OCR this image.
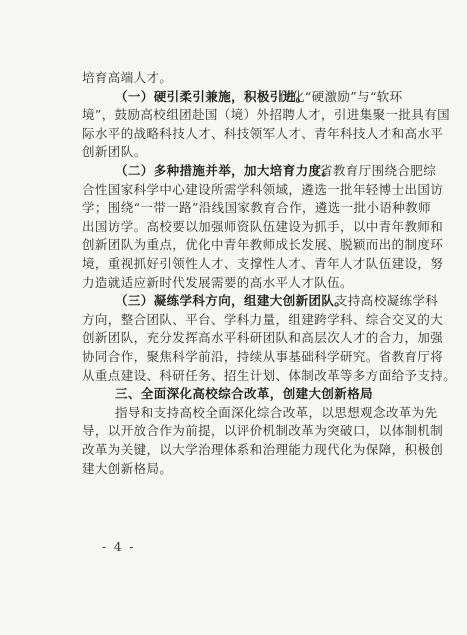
培育高端人才。
（一）硬引柔引兼施，积极引进。
优化“硬激励”与“软环
境”，鼓励高校组团赴国（境）外招聘人才，引进集聚一批具有国
际水平的战略科技人才、科技领军人才、青年科技人才和高水平
创新团队。
（二）多种措施并举，加大培育力度。
省教育厅围绕合肥综
合性国家科学中心建设所需学科领域，遴选一批年轻博士出国访
学；围绕“一带一路”沿线国家教育合作，遴选一批小语种教师
出国访学。高校要以加强师资队伍建设为抓手，以中青年教师和
创新团队为重点，优化中青年教师成长发展、脱颖而出的制度环
境，重视抓好引领性人才、支撑性人才、青年人才队伍建设，努
力造就适应新时代发展需要的高水平人才队伍。
（三）凝练学科方向，组建大创新团队。
支持高校凝练学科
方向，整合团队、平台、学科力量，组建跨学科、综合交叉的大
创新团队，充分发挥高水平科研团队和高层次人才的合力，加强
协同合作，聚焦科学前沿，持续从事基础科学研究。省教育厅将
从重点建设、科研任务、招生计划、体制改革等多方面给予支持。
三、全面深化高校综合改革，创建大创新格局
指导和支持高校全面深化综合改革，以思想观念改革为先
导，以开放合作为前提，以评价机制改革为突破口，以体制机制
改革为关键，以大学治理体系和治理能力现代化为保障，积极创
建大创新格局。
- 4 -
